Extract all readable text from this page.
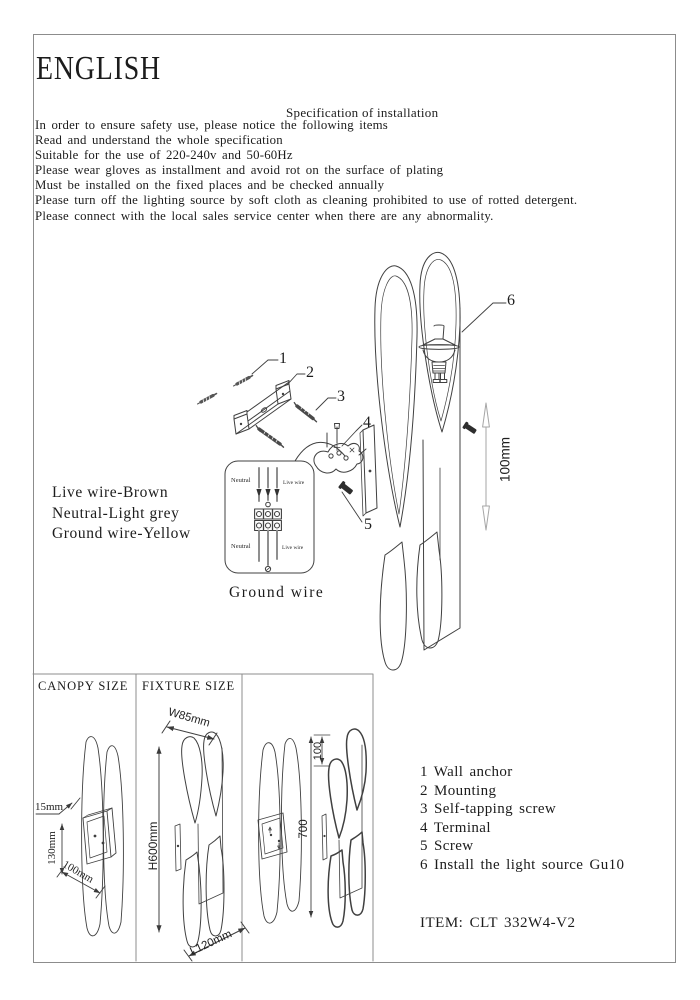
ENGLISH
Specification of installation
In order to ensure safety use, please notice the following items
Read and understand the whole specification
Suitable for the use of 220-240v and 50-60Hz
Please wear gloves as installment and avoid rot on the surface of plating
Must be installed on the fixed places and be checked annually
Please turn off the lighting source by soft cloth as cleaning prohibited to use of rotted detergent.
Please connect with the local sales service center when there are any abnormality.
Live wire-Brown
Neutral-Light grey
Ground wire-Yellow
Neutral	Live wire
Neutral	Live wire
Ground wire
1
2
3
4
5
6
100mm
CANOPY SIZE FIXTURE SIZE
15mm
130mm
100mm
W85mm
H600mm
L120mm
100
700
1 Wall anchor
2 Mounting
3 Self-tapping screw
4 Terminal
5 Screw
6 Install the light source Gu10
ITEM: CLT 332W4-V2
